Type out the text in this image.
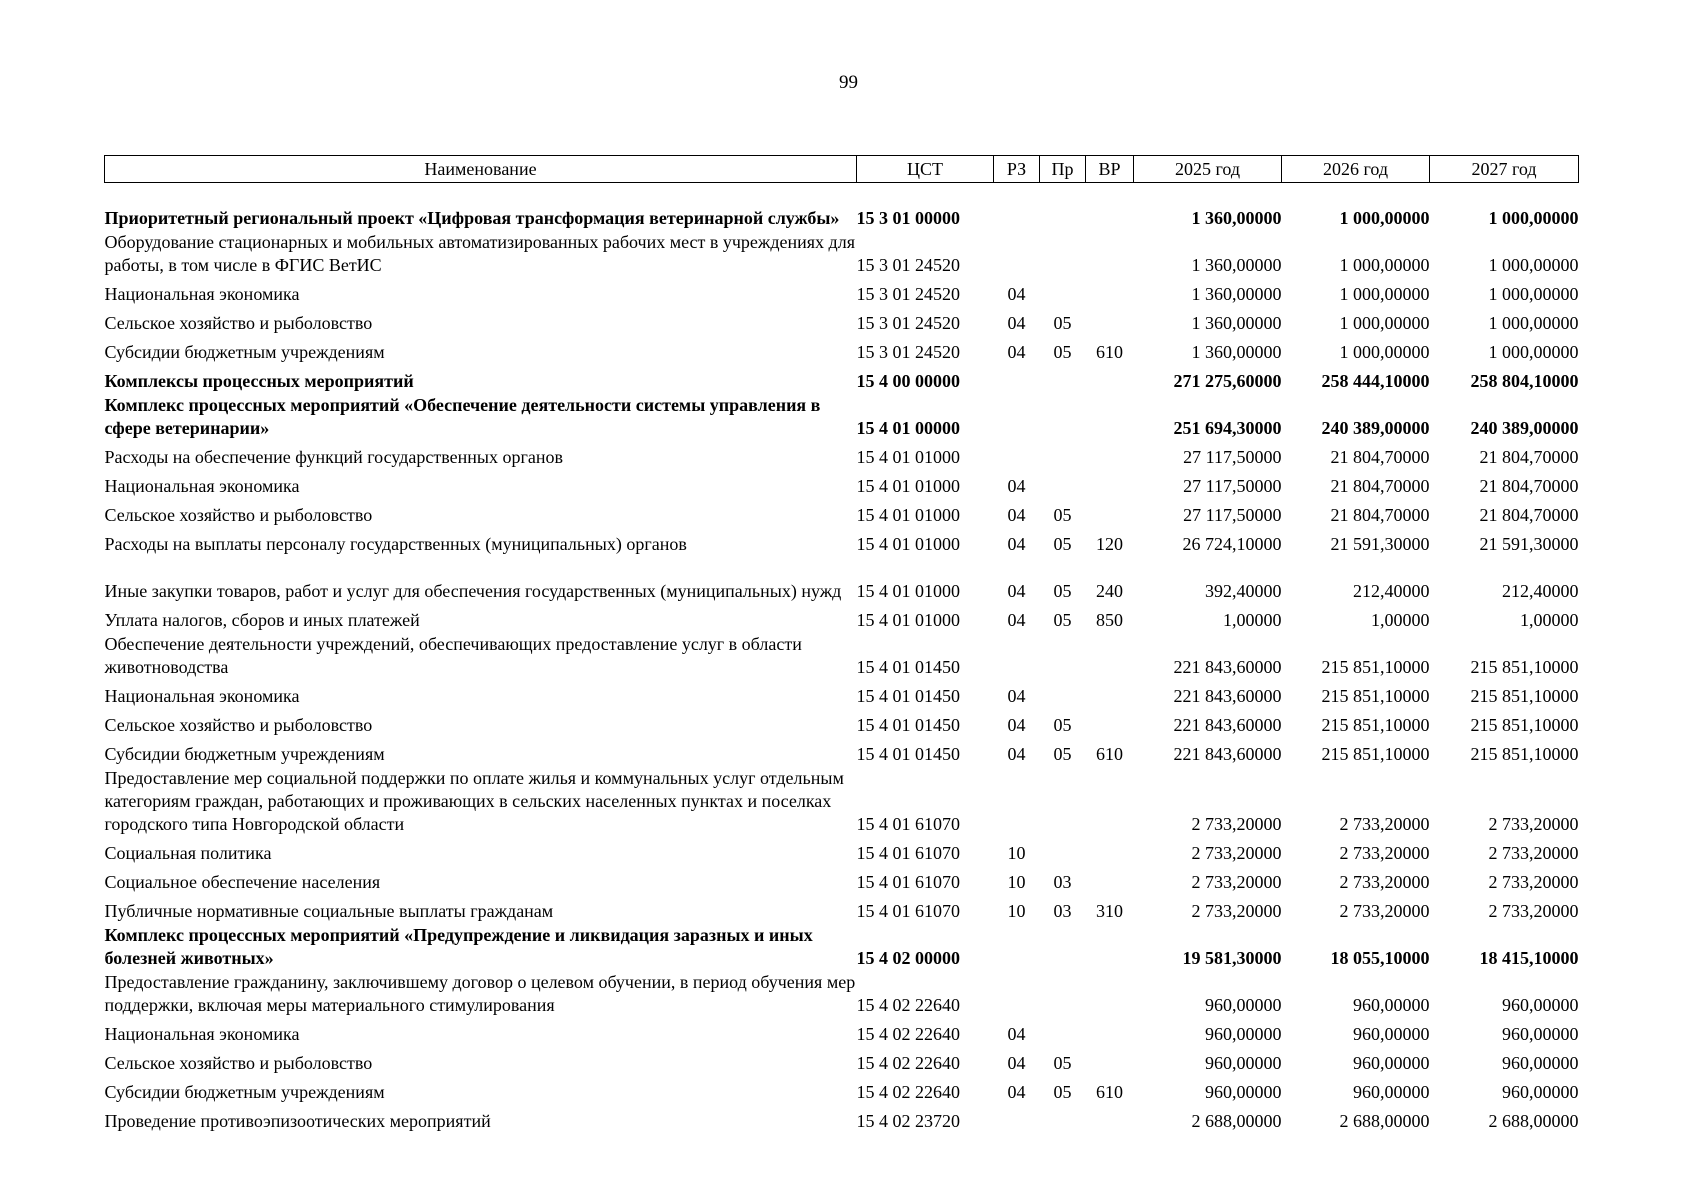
99
Наименование	ЦСТ	РЗ	Пр	ВР	2025 год	2026 год	2027 год
Приоритетный региональный проект «Цифровая трансформация ветеринарной службы»	15 3 01 00000				1 360,00000	1 000,00000	1 000,00000
Оборудование стационарных и мобильных автоматизированных рабочих мест в учреждениях для работы, в том числе в ФГИС ВетИС	15 3 01 24520				1 360,00000	1 000,00000	1 000,00000
Национальная экономика	15 3 01 24520	04			1 360,00000	1 000,00000	1 000,00000
Сельское хозяйство и рыболовство	15 3 01 24520	04	05		1 360,00000	1 000,00000	1 000,00000
Субсидии бюджетным учреждениям	15 3 01 24520	04	05	610	1 360,00000	1 000,00000	1 000,00000
Комплексы процессных мероприятий	15 4 00 00000				271 275,60000	258 444,10000	258 804,10000
Комплекс процессных мероприятий «Обеспечение деятельности системы управления в сфере ветеринарии»	15 4 01 00000				251 694,30000	240 389,00000	240 389,00000
Расходы на обеспечение функций государственных органов	15 4 01 01000				27 117,50000	21 804,70000	21 804,70000
Национальная экономика	15 4 01 01000	04			27 117,50000	21 804,70000	21 804,70000
Сельское хозяйство и рыболовство	15 4 01 01000	04	05		27 117,50000	21 804,70000	21 804,70000
Расходы на выплаты персоналу государственных (муниципальных) органов	15 4 01 01000	04	05	120	26 724,10000	21 591,30000	21 591,30000
Иные закупки товаров, работ и услуг для обеспечения государственных (муниципальных) нужд	15 4 01 01000	04	05	240	392,40000	212,40000	212,40000
Уплата налогов, сборов и иных платежей	15 4 01 01000	04	05	850	1,00000	1,00000	1,00000
Обеспечение деятельности учреждений, обеспечивающих предоставление услуг в области животноводства	15 4 01 01450				221 843,60000	215 851,10000	215 851,10000
Национальная экономика	15 4 01 01450	04			221 843,60000	215 851,10000	215 851,10000
Сельское хозяйство и рыболовство	15 4 01 01450	04	05		221 843,60000	215 851,10000	215 851,10000
Субсидии бюджетным учреждениям	15 4 01 01450	04	05	610	221 843,60000	215 851,10000	215 851,10000
Предоставление мер социальной поддержки по оплате жилья и коммунальных услуг отдельным категориям граждан, работающих и проживающих в сельских населенных пунктах и поселках городского типа Новгородской области	15 4 01 61070				2 733,20000	2 733,20000	2 733,20000
Социальная политика	15 4 01 61070	10			2 733,20000	2 733,20000	2 733,20000
Социальное обеспечение населения	15 4 01 61070	10	03		2 733,20000	2 733,20000	2 733,20000
Публичные нормативные социальные выплаты гражданам	15 4 01 61070	10	03	310	2 733,20000	2 733,20000	2 733,20000
Комплекс процессных мероприятий «Предупреждение и ликвидация заразных и иных болезней животных»	15 4 02 00000				19 581,30000	18 055,10000	18 415,10000
Предоставление гражданину, заключившему договор о целевом обучении, в период обучения мер поддержки, включая меры материального стимулирования	15 4 02 22640				960,00000	960,00000	960,00000
Национальная экономика	15 4 02 22640	04			960,00000	960,00000	960,00000
Сельское хозяйство и рыболовство	15 4 02 22640	04	05		960,00000	960,00000	960,00000
Субсидии бюджетным учреждениям	15 4 02 22640	04	05	610	960,00000	960,00000	960,00000
Проведение противоэпизоотических мероприятий	15 4 02 23720				2 688,00000	2 688,00000	2 688,00000
